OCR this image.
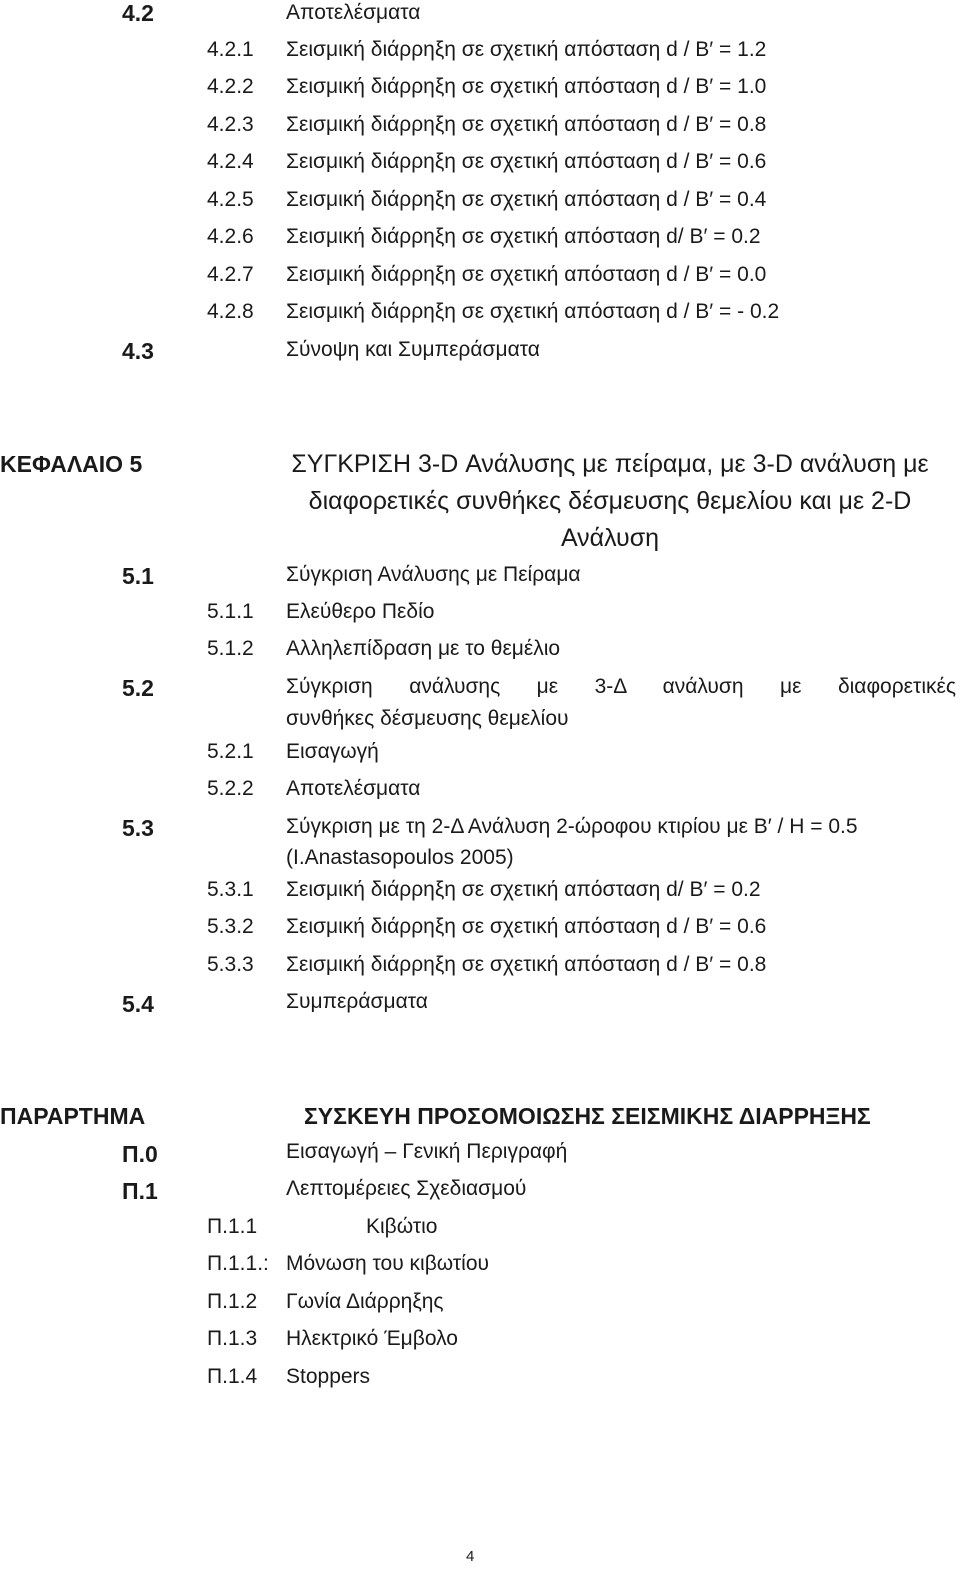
4.2	Αποτελέσματα
4.2.1 Σεισμική διάρρηξη σε σχετική απόσταση d / Β′ = 1.2
4.2.2 Σεισμική διάρρηξη σε σχετική απόσταση d / Β′ = 1.0
4.2.3 Σεισμική διάρρηξη σε σχετική απόσταση d / Β′ = 0.8
4.2.4 Σεισμική διάρρηξη σε σχετική απόσταση d / Β′ = 0.6
4.2.5 Σεισμική διάρρηξη σε σχετική απόσταση d / Β′ = 0.4
4.2.6 Σεισμική διάρρηξη σε σχετική απόσταση d/ Β′ = 0.2
4.2.7 Σεισμική διάρρηξη σε σχετική απόσταση d / Β′ = 0.0
4.2.8 Σεισμική διάρρηξη σε σχετική απόσταση d / Β′ = - 0.2
4.3	Σύνοψη και Συμπεράσματα
ΚΕΦΑΛΑΙΟ 5	ΣΥΓΚΡΙΣΗ 3-D Ανάλυσης με πείραμα, με 3-D ανάλυση με διαφορετικές συνθήκες δέσμευσης θεμελίου και με 2-D Ανάλυση
5.1	Σύγκριση Ανάλυσης με Πείραμα
5.1.1 Ελεύθερο Πεδίο
5.1.2 Αλληλεπίδραση με το θεμέλιο
5.2	Σύγκριση ανάλυσης με 3-Δ ανάλυση με διαφορετικές
συνθήκες δέσμευσης θεμελίου
5.2.1 Εισαγωγή
5.2.2 Αποτελέσματα
5.3	Σύγκριση με τη 2-Δ Ανάλυση 2-ώροφου κτιρίου με Β′ / Η = 0.5
(I.Anastasopoulos 2005)
5.3.1 Σεισμική διάρρηξη σε σχετική απόσταση d/ Β′ = 0.2
5.3.2 Σεισμική διάρρηξη σε σχετική απόσταση d / Β′ = 0.6
5.3.3 Σεισμική διάρρηξη σε σχετική απόσταση d / Β′ = 0.8
5.4	Συμπεράσματα
ΠΑΡΑΡΤΗΜΑ	ΣΥΣΚΕΥΗ ΠΡΟΣΟΜΟΙΩΣΗΣ ΣΕΙΣΜΙΚΗΣ ΔΙΑΡΡΗΞΗΣ
Π.0	Εισαγωγή – Γενική Περιγραφή
Π.1	Λεπτομέρειες Σχεδιασμού
Π.1.1	Κιβώτιο
Π.1.1.: Μόνωση του κιβωτίου
Π.1.2 Γωνία Διάρρηξης
Π.1.3 Ηλεκτρικό Έμβολο
Π.1.4 Stoppers
4
